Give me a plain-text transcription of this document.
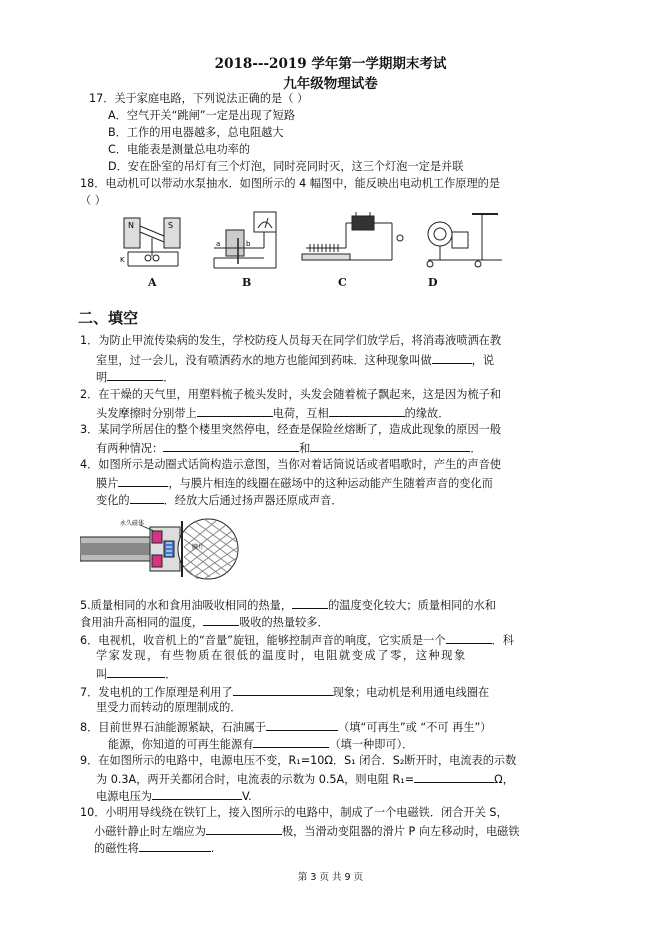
2018---2019 学年第一学期期末考试
九年级物理试卷
17．关于家庭电路，下列说法正确的是（ ）
A．空气开关“跳闸”一定是出现了短路
B．工作的用电器越多，总电阻越大
C．电能表是测量总电功率的
D．安在卧室的吊灯有三个灯泡，同时亮同时灭，这三个灯泡一定是并联
18．电动机可以带动水泵抽水．如图所示的 4 幅图中，能反映出电动机工作原理的是
（ ）
N	S
K
a	b
A	B	C	D
二、填空
1．为防止甲流传染病的发生，学校防疫人员每天在同学们放学后，将消毒液喷洒在教
室里，过一会儿，没有喷洒药水的地方也能闻到药味．这种现象叫做	，说
明	．
2．在干燥的天气里，用塑料梳子梳头发时，头发会随着梳子飘起来，这是因为梳子和
头发摩擦时分别带上	电荷，互相	的缘故．
3．某同学所居住的整个楼里突然停电，经查是保险丝熔断了，造成此现象的原因一般
有两种情况：	和	．
4．如图所示是动圈式话筒构造示意图，当你对着话筒说话或者唱歌时，产生的声音使
膜片	，与膜片相连的线圈在磁场中的这种运动能产生随着声音的变化而
变化的	．经放大后通过扬声器还原成声音．
永久磁体
膜片
5.质量相同的水和食用油吸收相同的热量，	的温度变化较大；质量相同的水和
食用油升高相同的温度，	吸收的热量较多．
6．电视机，收音机上的“音量”旋钮，能够控制声音的响度，它实质是一个	．科
学家发现，有些物质在很低的温度时，电阻就变成了零，这种现象
叫	．
7．发电机的工作原理是利用了	现象；电动机是利用通电线圈在
里受力而转动的原理制成的．
8．目前世界石油能源紧缺，石油属于	（填“可再生”或 “不可 再生”）
能源，你知道的可再生能源有	（填一种即可）．
9．在如图所示的电路中，电源电压不变，R₁=10Ω．S₁ 闭合．S₂断开时，电流表的示数
为 0.3A，两开关都闭合时，电流表的示数为 0.5A，则电阻 R₁=	Ω，
电源电压为	V.
10．小明用导线绕在铁钉上，接入图所示的电路中，制成了一个电磁铁．闭合开关 S，
小磁针静止时左端应为	极，当滑动变阻器的滑片 P 向左移动时，电磁铁
的磁性将	.
第 3 页 共 9 页
